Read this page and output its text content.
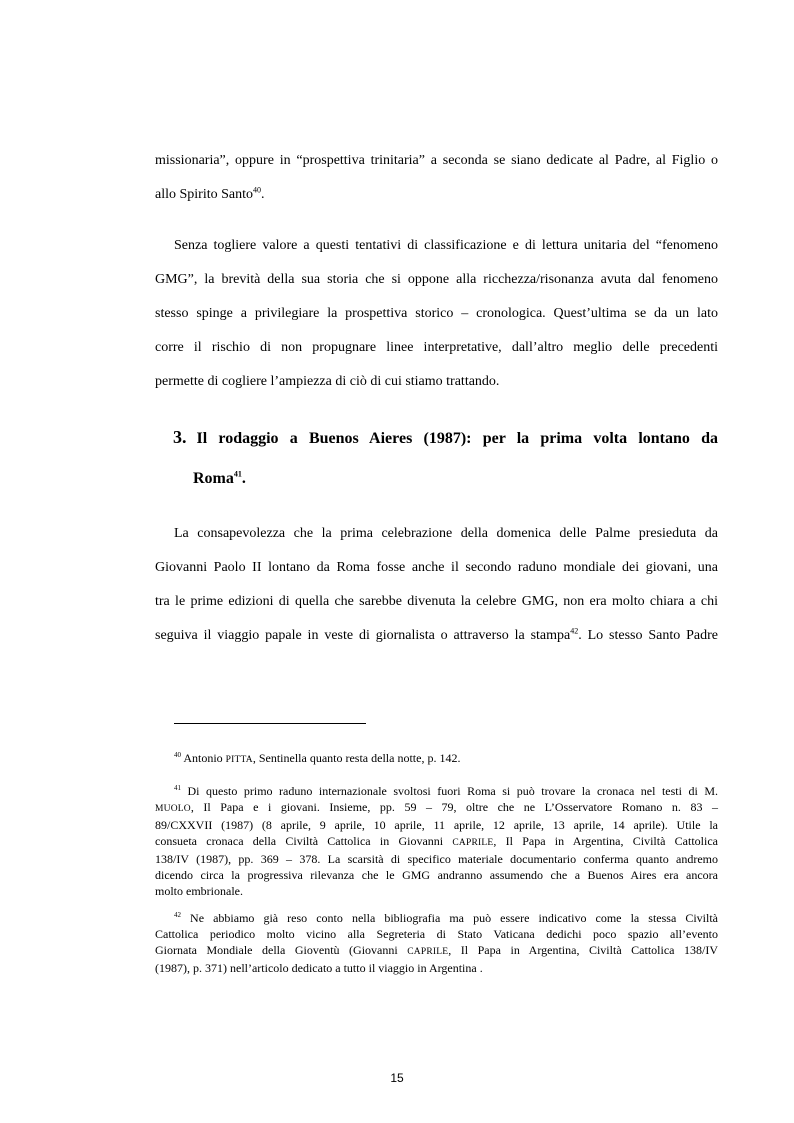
missionaria”, oppure in “prospettiva trinitaria” a seconda se siano dedicate al Padre, al Figlio o
allo Spirito Santo$^{40}$.

Senza togliere valore a questi tentativi di classificazione e di lettura unitaria del “fenomeno
GMG”, la brevità della sua storia che si oppone alla ricchezza/risonanza avuta dal fenomeno
stesso spinge a privilegiare la prospettiva storico – cronologica. Quest’ultima se da un lato
corre il rischio di non propugnare linee interpretative, dall’altro meglio delle precedenti
permette di cogliere l’ampiezza di ciò di cui stiamo trattando.

3. Il rodaggio a Buenos Aieres (1987): per la prima volta lontano da
Roma$^{41}$.

La consapevolezza che la prima celebrazione della domenica delle Palme presieduta da
Giovanni Paolo II lontano da Roma fosse anche il secondo raduno mondiale dei giovani, una
tra le prime edizioni di quella che sarebbe divenuta la celebre GMG, non era molto chiara a chi
seguiva il viaggio papale in veste di giornalista o attraverso la stampa$^{42}$. Lo stesso Santo Padre

$^{40}$ Antonio PITTA, Sentinella quanto resta della notte, p. 142.

$^{41}$ Di questo primo raduno internazionale svoltosi fuori Roma si può trovare la cronaca nel testi di M.
MUOLO, Il Papa e i giovani. Insieme, pp. 59 – 79, oltre che ne L’Osservatore Romano n. 83 –
89/CXXVII (1987) (8 aprile, 9 aprile, 10 aprile, 11 aprile, 12 aprile, 13 aprile, 14 aprile). Utile la
consueta cronaca della Civiltà Cattolica in Giovanni CAPRILE, Il Papa in Argentina, Civiltà Cattolica
138/IV (1987), pp. 369 – 378. La scarsità di specifico materiale documentario conferma quanto andremo
dicendo circa la progressiva rilevanza che le GMG andranno assumendo che a Buenos Aires era ancora
molto embrionale.

$^{42}$ Ne abbiamo già reso conto nella bibliografia ma può essere indicativo come la stessa Civiltà
Cattolica periodico molto vicino alla Segreteria di Stato Vaticana dedichi poco spazio all’evento
Giornata Mondiale della Gioventù (Giovanni CAPRILE, Il Papa in Argentina, Civiltà Cattolica 138/IV
(1987), p. 371) nell’articolo dedicato a tutto il viaggio in Argentina .

15
